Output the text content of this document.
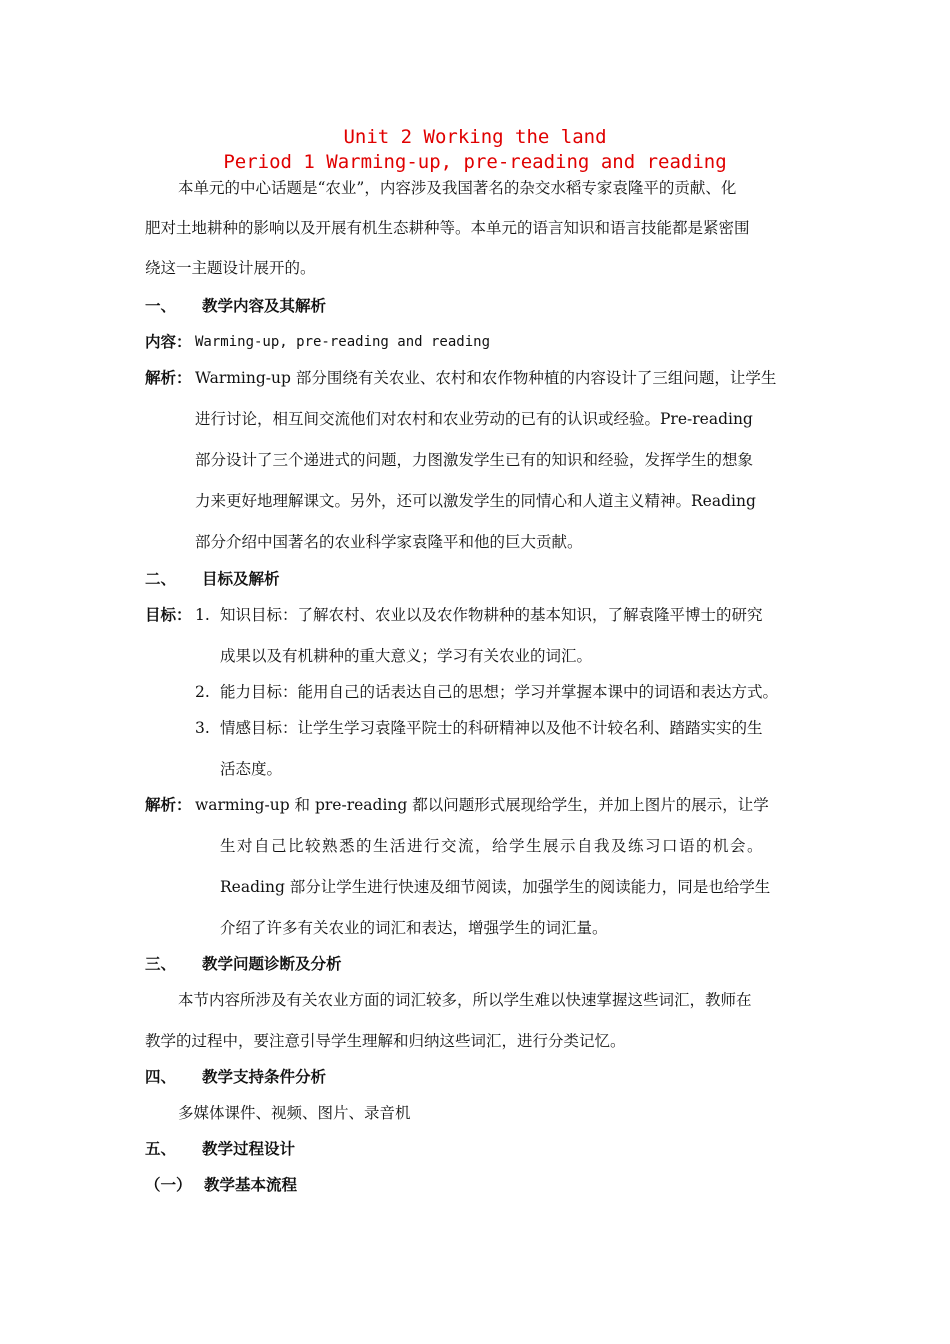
Unit 2 Working the land
Period 1 Warming-up, pre-reading and reading
本单元的中心话题是“农业”，内容涉及我国著名的杂交水稻专家袁隆平的贡献、化
肥对土地耕种的影响以及开展有机生态耕种等。本单元的语言知识和语言技能都是紧密围
绕这一主题设计展开的。
一、 教学内容及其解析
内容： Warming-up, pre-reading and reading
解析： Warming-up 部分围绕有关农业、农村和农作物种植的内容设计了三组问题，让学生
进行讨论，相互间交流他们对农村和农业劳动的已有的认识或经验。Pre-reading
部分设计了三个递进式的问题，力图激发学生已有的知识和经验，发挥学生的想象
力来更好地理解课文。另外，还可以激发学生的同情心和人道主义精神。Reading
部分介绍中国著名的农业科学家袁隆平和他的巨大贡献。
二、 目标及解析
目标： 1. 知识目标：了解农村、农业以及农作物耕种的基本知识，了解袁隆平博士的研究
成果以及有机耕种的重大意义；学习有关农业的词汇。
2. 能力目标：能用自己的话表达自己的思想；学习并掌握本课中的词语和表达方式。
3. 情感目标：让学生学习袁隆平院士的科研精神以及他不计较名利、踏踏实实的生
活态度。
解析： warming-up 和 pre-reading 都以问题形式展现给学生，并加上图片的展示，让学
生对自己比较熟悉的生活进行交流，给学生展示自我及练习口语的机会。
Reading 部分让学生进行快速及细节阅读，加强学生的阅读能力，同是也给学生
介绍了许多有关农业的词汇和表达，增强学生的词汇量。
三、 教学问题诊断及分析
本节内容所涉及有关农业方面的词汇较多，所以学生难以快速掌握这些词汇，教师在
教学的过程中，要注意引导学生理解和归纳这些词汇，进行分类记忆。
四、 教学支持条件分析
多媒体课件、视频、图片、录音机
五、 教学过程设计
（一） 教学基本流程
